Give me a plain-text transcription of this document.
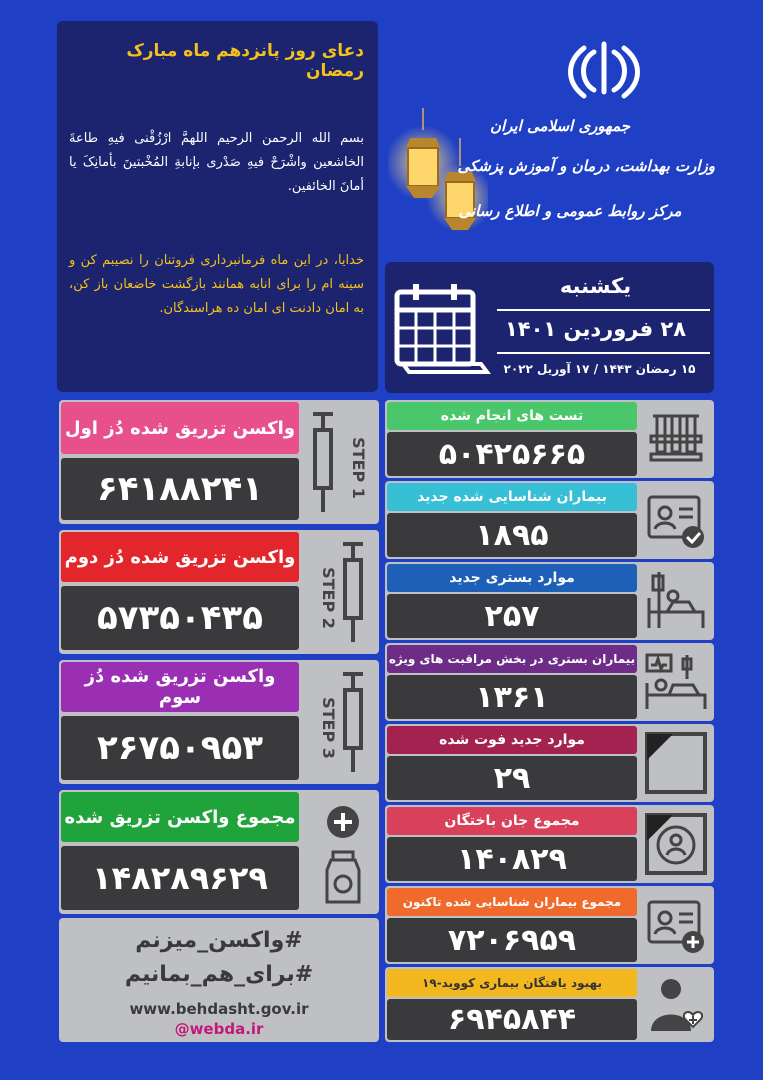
دعای روز پانزدهم ماه مبارک رمضان
بسم الله الرحمن الرحیم اللهمَّ ارْزُقْنی فیهِ طاعةَ الخاشعین واشْرَحْ فیهِ صَدْری بإنابةِ المُخْبتینَ بأمانِکَ یا أمانَ الخائفین.
خدایا، در این ماه فرمانبرداری فروتنان را نصیبم کن و سینه ام را برای انابه همانند بازگشت خاضعان باز کن، به امان دادنت ای امان ده هراسندگان.
جمهوری اسلامی ایران
وزارت بهداشت، درمان و آموزش پزشکی
مرکز روابط عمومی و اطلاع رسانی
یکشنبه
۲۸ فروردین ۱۴۰۱
۱۵ رمضان ۱۴۴۳ / ۱۷ آوریل ۲۰۲۲
واکسن تزریق شده دُز اول
۶۴۱۸۸۲۴۱	STEP 1
واکسن تزریق شده دُز دوم
۵۷۳۵۰۴۳۵	STEP 2
واکسن تزریق شده دُز سوم
۲۶۷۵۰۹۵۳	STEP 3
مجموع واکسن تزریق شده
۱۴۸۲۸۹۶۲۹
#واکسن_میزنم
#برای_هم_بمانیم
www.behdasht.gov.ir
@webda.ir
تست های انجام شده
۵۰۴۲۵۶۶۵
بیماران شناسایی شده جدید
۱۸۹۵
موارد بستری جدید
۲۵۷
بیماران بستری در بخش مراقبت های ویژه
۱۳۶۱
موارد جدید فوت شده
۲۹
مجموع جان باختگان
۱۴۰۸۲۹
مجموع بیماران شناسایی شده تاکنون
۷۲۰۶۹۵۹
بهبود یافتگان بیماری کووید-۱۹
۶۹۴۵۸۴۴
